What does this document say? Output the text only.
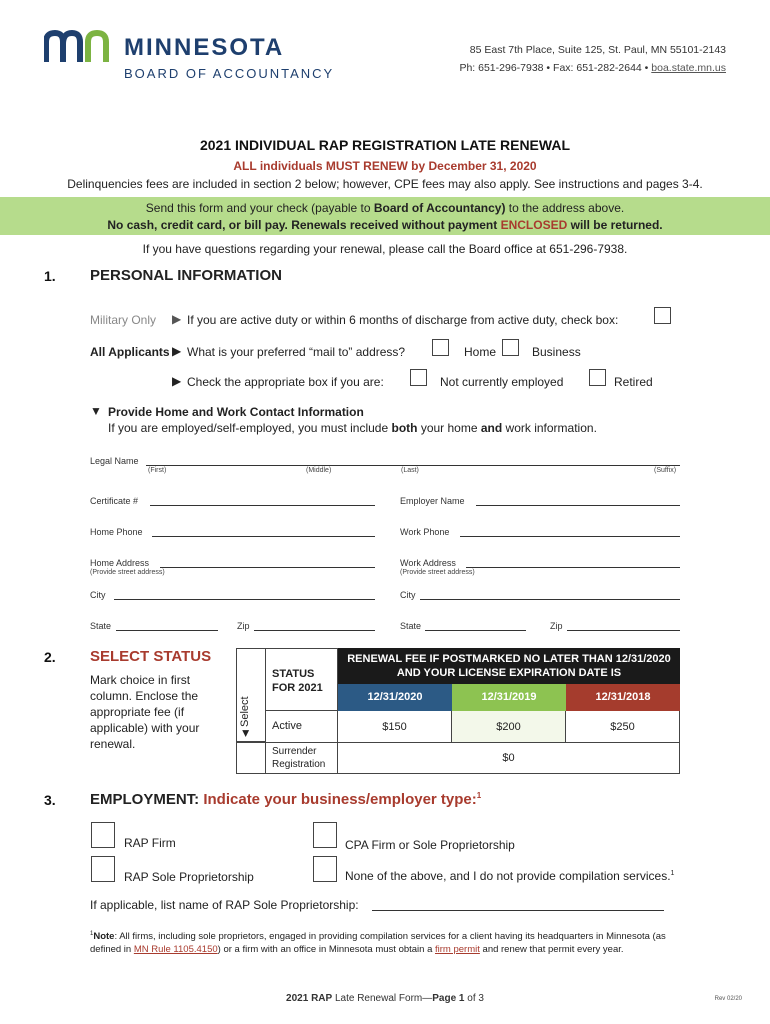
mn
MINNESOTA
BOARD OF ACCOUNTANCY
85 East 7th Place, Suite 125, St. Paul, MN 55101-2143
Ph: 651-296-7938 • Fax: 651-282-2644 • boa.state.mn.us
2021 INDIVIDUAL RAP REGISTRATION LATE RENEWAL
ALL individuals MUST RENEW by December 31, 2020
Delinquencies fees are included in section 2 below; however, CPE fees may also apply. See instructions and pages 3-4.
Send this form and your check (payable to Board of Accountancy) to the address above.
No cash, credit card, or bill pay. Renewals received without payment ENCLOSED will be returned.
If you have questions regarding your renewal, please call the Board office at 651-296-7938.
1. PERSONAL INFORMATION
Military Only ▶ If you are active duty or within 6 months of discharge from active duty, check box:
All Applicants ▶ What is your preferred “mail to” address?	Home	Business
▶ Check the appropriate box if you are:	Not currently employed	Retired
▼ Provide Home and Work Contact Information
If you are employed/self-employed, you must include both your home and work information.
Legal Name
(First)	(Middle)	(Last)	(Suffix)
Certificate #	Employer Name
Home Phone	Work Phone
Home Address
(Provide street address)
Work Address
(Provide street address)
City	City
State	Zip	State	Zip
2. SELECT STATUS
Mark choice in first column. Enclose the appropriate fee (if applicable) with your renewal.
◀ Select
STATUS FOR 2021
RENEWAL FEE IF POSTMARKED NO LATER THAN 12/31/2020 AND YOUR LICENSE EXPIRATION DATE IS
12/31/2020	12/31/2019	12/31/2018
Active	$150	$200	$250
Surrender Registration
$0
3. EMPLOYMENT: Indicate your business/employer type:$^1$
RAP Firm	CPA Firm or Sole Proprietorship
RAP Sole Proprietorship	None of the above, and I do not provide compilation services.$^1$
If applicable, list name of RAP Sole Proprietorship:
$^1$Note: All firms, including sole proprietors, engaged in providing compilation services for a client having its headquarters in Minnesota (as defined in MN Rule 1105.4150) or a firm with an office in Minnesota must obtain a firm permit and renew that permit every year.
2021 RAP Late Renewal Form—Page 1 of 3	Rev 02/20
